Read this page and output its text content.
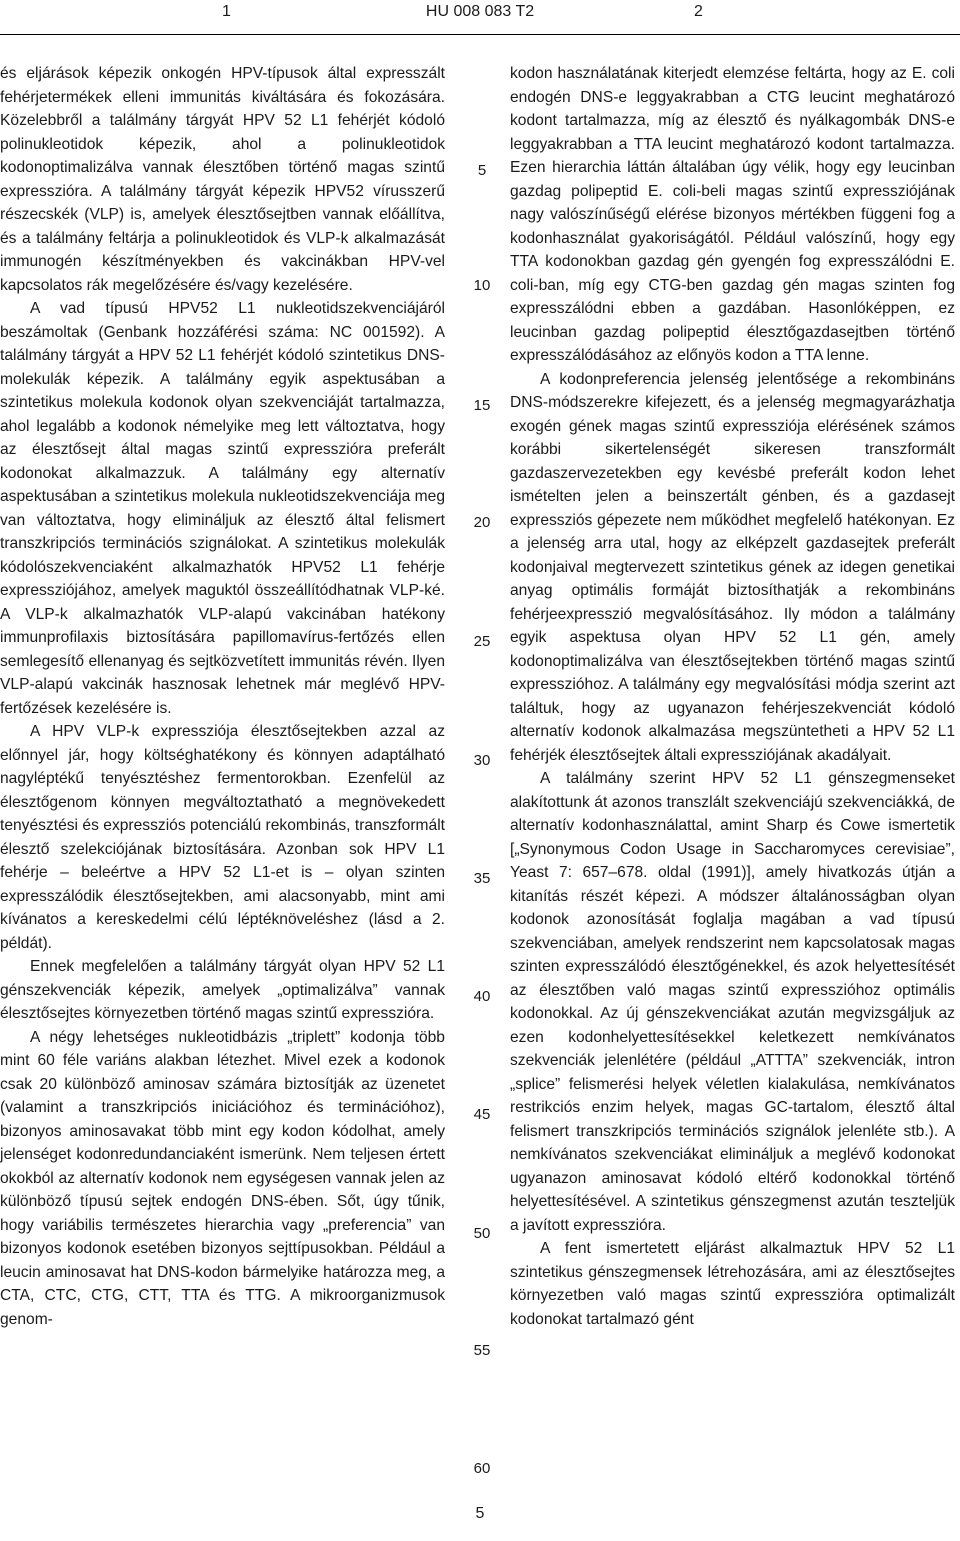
1	HU 008 083 T2	2

és eljárások képezik onkogén HPV-típusok által expresszált fehérjetermékek elleni immunitás kiváltására és fokozására. Közelebbről a találmány tárgyát HPV 52 L1 fehérjét kódoló polinukleotidok képezik, ahol a polinukleotidok kodonoptimalizálva vannak élesztőben történő magas szintű expresszióra. A találmány tárgyát képezik HPV52 vírusszerű részecskék (VLP) is, amelyek élesztősejtben vannak előállítva, és a találmány feltárja a polinukleotidok és VLP-k alkalmazását immunogén készítményekben és vakcinákban HPV-vel kapcsolatos rák megelőzésére és/vagy kezelésére.

A vad típusú HPV52 L1 nukleotidszekvenciájáról beszámoltak (Genbank hozzáférési száma: NC 001592). A találmány tárgyát a HPV 52 L1 fehérjét kódoló szintetikus DNS-molekulák képezik. A találmány egyik aspektusában a szintetikus molekula kodonok olyan szekvenciáját tartalmazza, ahol legalább a kodonok némelyike meg lett változtatva, hogy az élesztősejt által magas szintű expresszióra preferált kodonokat alkalmazzuk. A találmány egy alternatív aspektusában a szintetikus molekula nukleotidszekvenciája meg van változtatva, hogy elimináljuk az élesztő által felismert transzkripciós terminációs szignálokat. A szintetikus molekulák kódolószekvenciaként alkalmazhatók HPV52 L1 fehérje expressziójához, amelyek maguktól összeállítódhatnak VLP-ké. A VLP-k alkalmazhatók VLP-alapú vakcinában hatékony immunprofilaxis biztosítására papillomavírus-fertőzés ellen semlegesítő ellenanyag és sejtközvetített immunitás révén. Ilyen VLP-alapú vakcinák hasznosak lehetnek már meglévő HPV-fertőzések kezelésére is.

A HPV VLP-k expressziója élesztősejtekben azzal az előnnyel jár, hogy költséghatékony és könnyen adaptálható nagyléptékű tenyésztéshez fermentorokban. Ezenfelül az élesztőgenom könnyen megváltoztatható a megnövekedett tenyésztési és expressziós potenciálú rekombinás, transzformált élesztő szelekciójának biztosítására. Azonban sok HPV L1 fehérje – beleértve a HPV 52 L1-et is – olyan szinten expresszálódik élesztősejtekben, ami alacsonyabb, mint ami kívánatos a kereskedelmi célú léptéknöveléshez (lásd a 2. példát).

Ennek megfelelően a találmány tárgyát olyan HPV 52 L1 génszekvenciák képezik, amelyek „optimalizálva” vannak élesztősejtes környezetben történő magas szintű expresszióra.

A négy lehetséges nukleotidbázis „triplett” kodonja több mint 60 féle variáns alakban létezhet. Mivel ezek a kodonok csak 20 különböző aminosav számára biztosítják az üzenetet (valamint a transzkripciós iniciációhoz és terminációhoz), bizonyos aminosavakat több mint egy kodon kódolhat, amely jelenséget kodonredundanciaként ismerünk. Nem teljesen értett okokból az alternatív kodonok nem egységesen vannak jelen az különböző típusú sejtek endogén DNS-ében. Sőt, úgy tűnik, hogy variábilis természetes hierarchia vagy „preferencia” van bizonyos kodonok esetében bizonyos sejttípusokban. Például a leucin aminosavat hat DNS-kodon bármelyike határozza meg, a CTA, CTC, CTG, CTT, TTA és TTG. A mikroorganizmusok genom-

kodon használatának kiterjedt elemzése feltárta, hogy az E. coli endogén DNS-e leggyakrabban a CTG leucint meghatározó kodont tartalmazza, míg az élesztő és nyálkagombák DNS-e leggyakrabban a TTA leucint meghatározó kodont tartalmazza. Ezen hierarchia láttán általában úgy vélik, hogy egy leucinban gazdag polipeptid E. coli-beli magas szintű expressziójának nagy valószínűségű elérése bizonyos mértékben függeni fog a kodonhasználat gyakoriságától. Például valószínű, hogy egy TTA kodonokban gazdag gén gyengén fog expresszálódni E. coli-ban, míg egy CTG-ben gazdag gén magas szinten fog expresszálódni ebben a gazdában. Hasonlóképpen, ez leucinban gazdag polipeptid élesztőgazdasejtben történő expresszálódásához az előnyös kodon a TTA lenne.

A kodonpreferencia jelenség jelentősége a rekombináns DNS-módszerekre kifejezett, és a jelenség megmagyarázhatja exogén gének magas szintű expressziója elérésének számos korábbi sikertelenségét sikeresen transzformált gazdaszervezetekben egy kevésbé preferált kodon lehet ismételten jelen a beinszertált génben, és a gazdasejt expressziós gépezete nem működhet megfelelő hatékonyan. Ez a jelenség arra utal, hogy az elképzelt gazdasejtek preferált kodonjaival megtervezett szintetikus gének az idegen genetikai anyag optimális formáját biztosíthatják a rekombináns fehérjeexpresszió megvalósításához. Ily módon a találmány egyik aspektusa olyan HPV 52 L1 gén, amely kodonoptimalizálva van élesztősejtekben történő magas szintű expresszióhoz. A találmány egy megvalósítási módja szerint azt találtuk, hogy az ugyanazon fehérjeszekvenciát kódoló alternatív kodonok alkalmazása megszüntetheti a HPV 52 L1 fehérjék élesztősejtek általi expressziójának akadályait.

A találmány szerint HPV 52 L1 génszegmenseket alakítottunk át azonos transzlált szekvenciájú szekvenciákká, de alternatív kodonhasználattal, amint Sharp és Cowe ismertetik [„Synonymous Codon Usage in Saccharomyces cerevisiae”, Yeast 7: 657–678. oldal (1991)], amely hivatkozás útján a kitanítás részét képezi. A módszer általánosságban olyan kodonok azonosítását foglalja magában a vad típusú szekvenciában, amelyek rendszerint nem kapcsolatosak magas szinten expresszálódó élesztőgénekkel, és azok helyettesítését az élesztőben való magas szintű expresszióhoz optimális kodonokkal. Az új génszekvenciákat azután megvizsgáljuk az ezen kodonhelyettesítésekkel keletkezett nemkívánatos szekvenciák jelenlétére (például „ATTTA” szekvenciák, intron „splice” felismerési helyek véletlen kialakulása, nemkívánatos restrikciós enzim helyek, magas GC-tartalom, élesztő által felismert transzkripciós terminációs szignálok jelenléte stb.). A nemkívánatos szekvenciákat elimináljuk a meglévő kodonokat ugyanazon aminosavat kódoló eltérő kodonokkal történő helyettesítésével. A szintetikus génszegmenst azután teszteljük a javított expresszióra.

A fent ismertetett eljárást alkalmaztuk HPV 52 L1 szintetikus génszegmensek létrehozására, ami az élesztősejtes környezetben való magas szintű expresszióra optimalizált kodonokat tartalmazó gént

5
10
15
20
25
30
35
40
45
50
55
60
5
